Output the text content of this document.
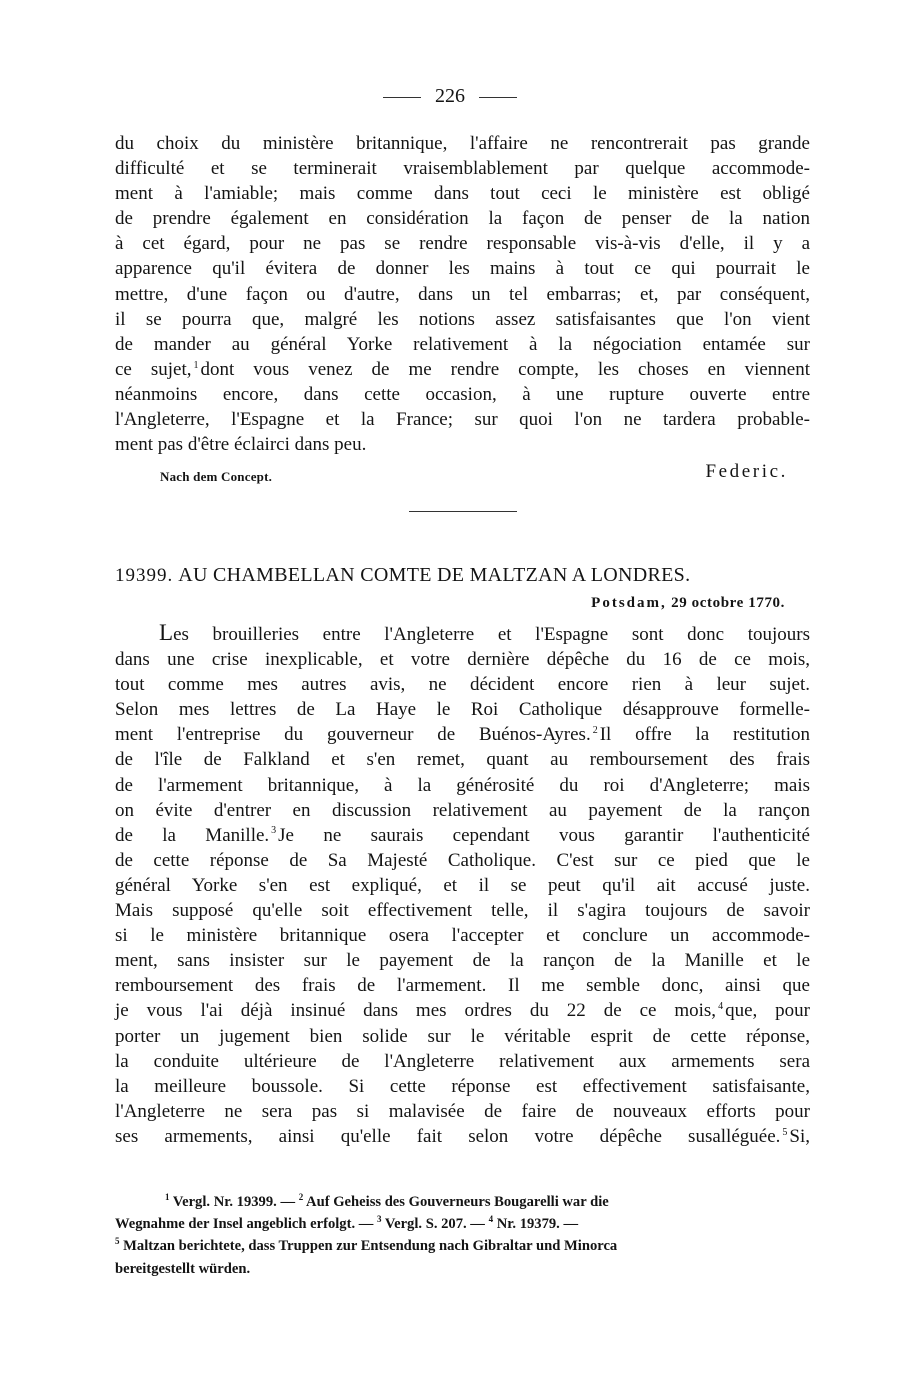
226

du choix du ministère britannique, l'affaire ne rencontrerait pas grande

difficulté et se terminerait vraisemblablement par quelque accommode-

ment à l'amiable; mais comme dans tout ceci le ministère est obligé

de prendre également en considération la façon de penser de la nation

à cet égard, pour ne pas se rendre responsable vis-à-vis d'elle, il y a

apparence qu'il évitera de donner les mains à tout ce qui pourrait le

mettre, d'une façon ou d'autre, dans un tel embarras; et, par conséquent,

il se pourra que, malgré les notions assez satisfaisantes que l'on vient

de mander au général Yorke relativement à la négociation entamée sur

ce sujet, $^1$ dont vous venez de me rendre compte, les choses en viennent

néanmoins encore, dans cette occasion, à une rupture ouverte entre

l'Angleterre, l'Espagne et la France; sur quoi l'on ne tardera probable-

ment pas d'être éclairci dans peu.

Nach dem Concept.	Federic.
19399. AU CHAMBELLAN COMTE DE MALTZAN A LONDRES.
Potsdam, 29 octobre 1770.

Les brouilleries entre l'Angleterre et l'Espagne sont donc toujours

dans une crise inexplicable, et votre dernière dépêche du 16 de ce mois,

tout comme mes autres avis, ne décident encore rien à leur sujet.

Selon mes lettres de La Haye le Roi Catholique désapprouve formelle-

ment l'entreprise du gouverneur de Buénos-Ayres. $^2$ Il offre la restitution

de l'île de Falkland et s'en remet, quant au remboursement des frais

de l'armement britannique, à la générosité du roi d'Angleterre; mais

on évite d'entrer en discussion relativement au payement de la rançon

de la Manille. $^3$ Je ne saurais cependant vous garantir l'authenticité

de cette réponse de Sa Majesté Catholique. C'est sur ce pied que le

général Yorke s'en est expliqué, et il se peut qu'il ait accusé juste.

Mais supposé qu'elle soit effectivement telle, il s'agira toujours de savoir

si le ministère britannique osera l'accepter et conclure un accommode-

ment, sans insister sur le payement de la rançon de la Manille et le

remboursement des frais de l'armement. Il me semble donc, ainsi que

je vous l'ai déjà insinué dans mes ordres du 22 de ce mois, $^4$ que, pour

porter un jugement bien solide sur le véritable esprit de cette réponse,

la conduite ultérieure de l'Angleterre relativement aux armements sera

la meilleure boussole. Si cette réponse est effectivement satisfaisante,

l'Angleterre ne sera pas si malavisée de faire de nouveaux efforts pour

ses armements, ainsi qu'elle fait selon votre dépêche susalléguée. $^5$ Si,

$^1$ Vergl. Nr. 19399. — $^2$ Auf Geheiss des Gouverneurs Bougarelli war die

Wegnahme der Insel angeblich erfolgt. — $^3$ Vergl. S. 207. — $^4$ Nr. 19379. —

$^5$ Maltzan berichtete, dass Truppen zur Entsendung nach Gibraltar und Minorca

bereitgestellt würden.
